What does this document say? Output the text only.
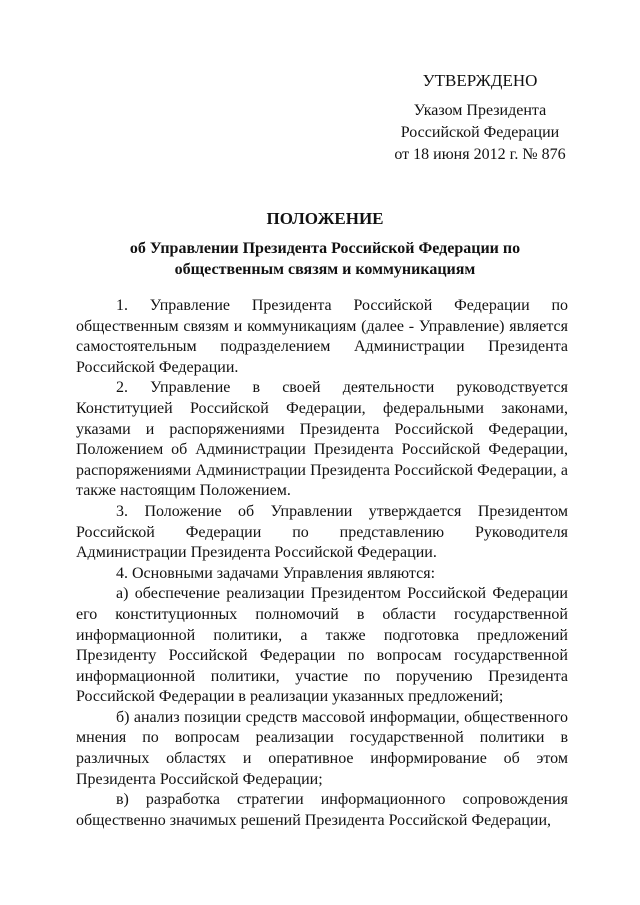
УТВЕРЖДЕНО
Указом Президента
Российской Федерации
от 18 июня 2012 г. № 876
ПОЛОЖЕНИЕ
об Управлении Президента Российской Федерации по
общественным связям и коммуникациям

1. Управление Президента Российской Федерации по общественным связям и коммуникациям (далее - Управление) является самостоятельным подразделением Администрации Президента Российской Федерации.

2. Управление в своей деятельности руководствуется Конституцией Российской Федерации, федеральными законами, указами и распоряжениями Президента Российской Федерации, Положением об Администрации Президента Российской Федерации, распоряжениями Администрации Президента Российской Федерации, а также настоящим Положением.

3. Положение об Управлении утверждается Президентом Российской Федерации по представлению Руководителя Администрации Президента Российской Федерации.

4. Основными задачами Управления являются:

а) обеспечение реализации Президентом Российской Федерации его конституционных полномочий в области государственной информационной политики, а также подготовка предложений Президенту Российской Федерации по вопросам государственной информационной политики, участие по поручению Президента Российской Федерации в реализации указанных предложений;

б) анализ позиции средств массовой информации, общественного мнения по вопросам реализации государственной политики в различных областях и оперативное информирование об этом Президента Российской Федерации;

в) разработка стратегии информационного сопровождения общественно значимых решений Президента Российской Федерации,
